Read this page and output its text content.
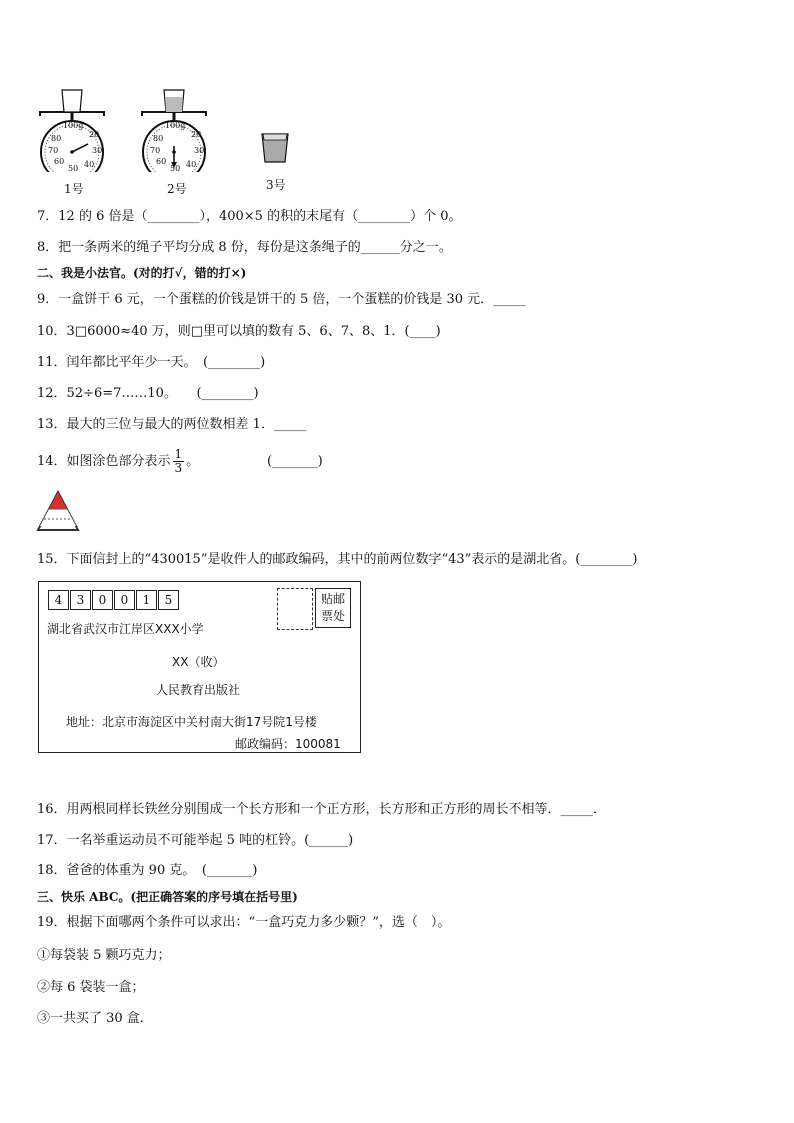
100g
20
30
40
50
60
70
80
100g
20
30
40
50
60
70
80
1号	2号	3号
7．12 的 6 倍是（________），400×5 的积的末尾有（________）个 0。
8．把一条两米的绳子平均分成 8 份，每份是这条绳子的______分之一。
二、我是小法官。(对的打√，错的打×)
9．一盒饼干 6 元，一个蛋糕的价钱是饼干的 5 倍，一个蛋糕的价钱是 30 元．_____
10．3□6000≈40 万，则□里可以填的数有 5、6、7、8、1．(____)
11．闰年都比平年少一天。　(________)
12．52÷6=7……10。　　(________)
13．最大的三位与最大的两位数相差 1．_____
14．如图涂色部分表示 $\frac{1}{3}$ 。	(_______)
15．下面信封上的“430015”是收件人的邮政编码，其中的前两位数字“43”表示的是湖北省。(________)
4	3	0	0	1	5	贴邮
票处
湖北省武汉市江岸区XXX小学
XX（收）
人民教育出版社
地址：北京市海淀区中关村南大街17号院1号楼
邮政编码：100081
16．用两根同样长铁丝分别围成一个长方形和一个正方形，长方形和正方形的周长不相等．_____．
17．一名举重运动员不可能举起 5 吨的杠铃。(______)
18．爸爸的体重为 90 克。　(_______)
三、快乐 ABC。(把正确答案的序号填在括号里)
19．根据下面哪两个条件可以求出：“一盒巧克力多少颗？”，选（　）。
①每袋装 5 颗巧克力；
②每 6 袋装一盒；
③一共买了 30 盒.
